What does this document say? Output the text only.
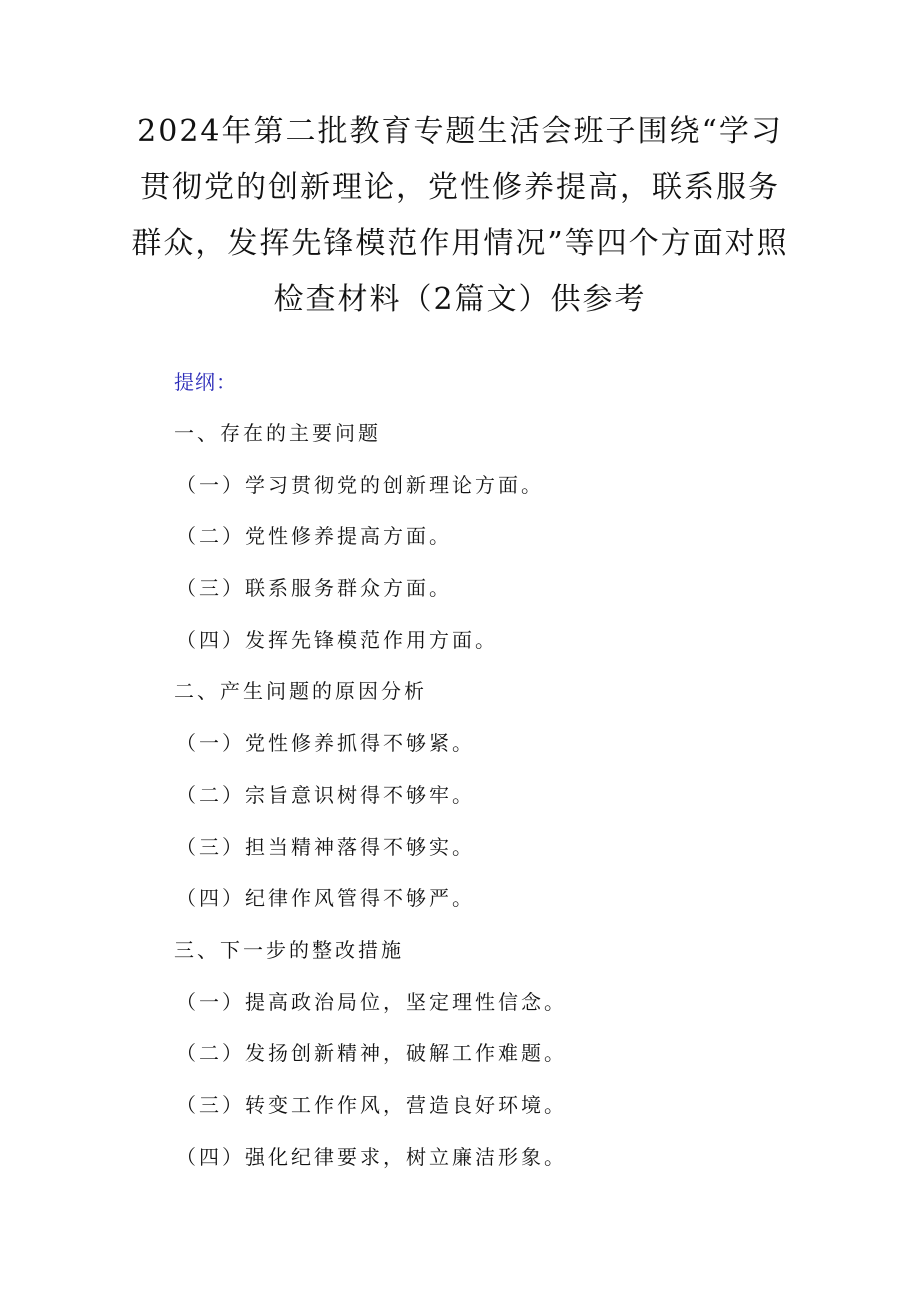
2024年第二批教育专题生活会班子围绕“学习贯彻党的创新理论，党性修养提高，联系服务群众，发挥先锋模范作用情况”等四个方面对照检查材料（2篇文）供参考
提纲：
一、存在的主要问题
（一）学习贯彻党的创新理论方面。
（二）党性修养提高方面。
（三）联系服务群众方面。
（四）发挥先锋模范作用方面。
二、产生问题的原因分析
（一）党性修养抓得不够紧。
（二）宗旨意识树得不够牢。
（三）担当精神落得不够实。
（四）纪律作风管得不够严。
三、下一步的整改措施
（一）提高政治局位，坚定理性信念。
（二）发扬创新精神，破解工作难题。
（三）转变工作作风，营造良好环境。
（四）强化纪律要求，树立廉洁形象。
